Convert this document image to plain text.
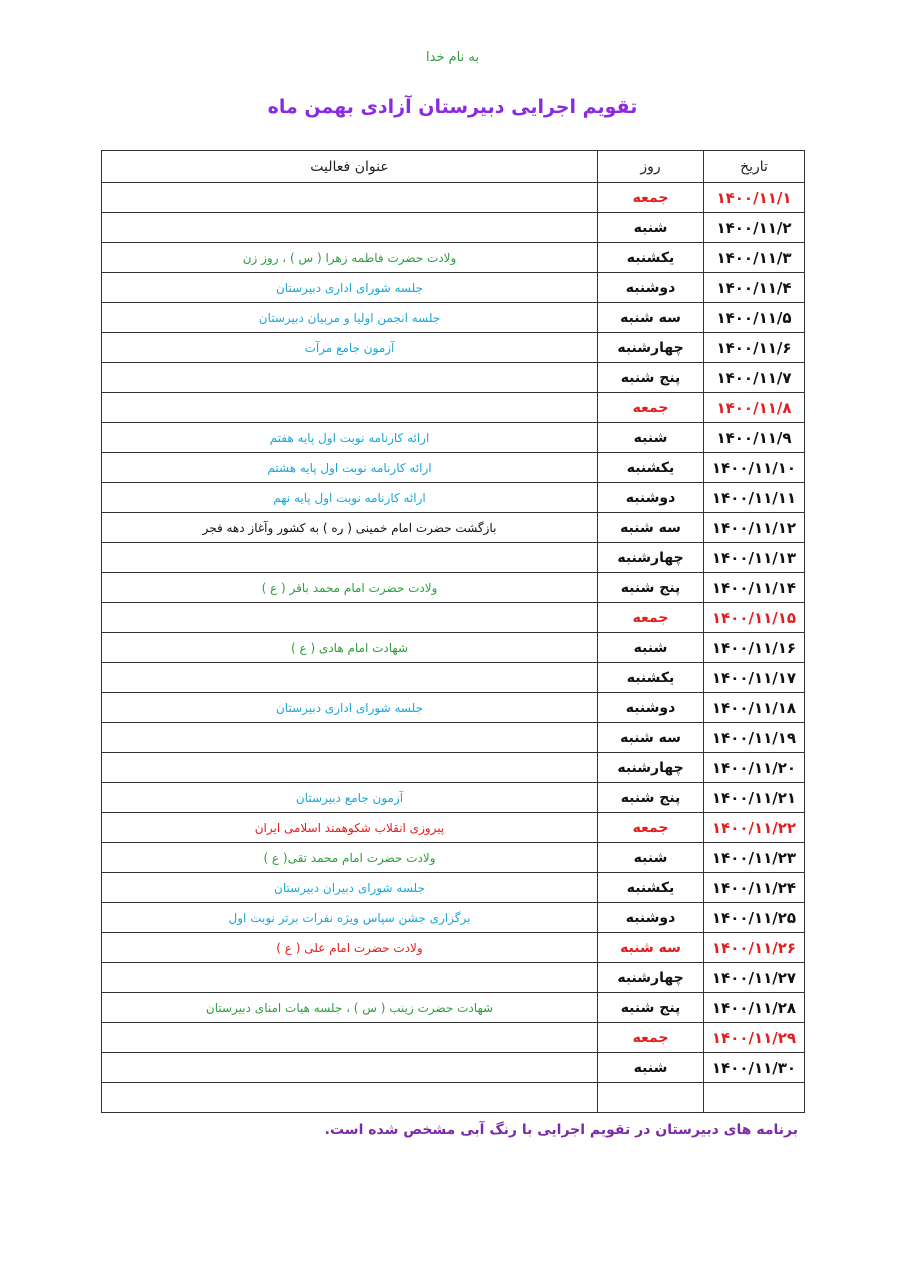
به نام خدا
تقویم اجرایی دبیرستان آزادی بهمن ماه
تاریخ	روز	عنوان فعالیت
۱۴۰۰/۱۱/۱	جمعه	
۱۴۰۰/۱۱/۲	شنبه	
۱۴۰۰/۱۱/۳	یکشنبه	ولادت حضرت فاطمه زهرا ( س ) ، روز زن
۱۴۰۰/۱۱/۴	دوشنبه	جلسه شورای اداری دبیرستان
۱۴۰۰/۱۱/۵	سه شنبه	جلسه انجمن اولیا و مربیان دبیرستان
۱۴۰۰/۱۱/۶	چهارشنبه	آزمون جامع مرآت
۱۴۰۰/۱۱/۷	پنج شنبه	
۱۴۰۰/۱۱/۸	جمعه	
۱۴۰۰/۱۱/۹	شنبه	ارائه کارنامه نوبت اول پایه هفتم
۱۴۰۰/۱۱/۱۰	یکشنبه	ارائه کارنامه نوبت اول پایه هشتم
۱۴۰۰/۱۱/۱۱	دوشنبه	ارائه کارنامه نوبت اول پایه نهم
۱۴۰۰/۱۱/۱۲	سه شنبه	بازگشت حضرت امام خمینی ( ره ) به کشور وآغاز دهه فجر
۱۴۰۰/۱۱/۱۳	چهارشنبه	
۱۴۰۰/۱۱/۱۴	پنج شنبه	ولادت حضرت امام محمد باقر ( ع )
۱۴۰۰/۱۱/۱۵	جمعه	
۱۴۰۰/۱۱/۱۶	شنبه	شهادت امام هادی ( ع )
۱۴۰۰/۱۱/۱۷	یکشنبه	
۱۴۰۰/۱۱/۱۸	دوشنبه	جلسه شورای اداری دبیرستان
۱۴۰۰/۱۱/۱۹	سه شنبه	
۱۴۰۰/۱۱/۲۰	چهارشنبه	
۱۴۰۰/۱۱/۲۱	پنج شنبه	آزمون جامع دبیرستان
۱۴۰۰/۱۱/۲۲	جمعه	پیروزی انقلاب شکوهمند اسلامی ایران
۱۴۰۰/۱۱/۲۳	شنبه	ولادت حضرت امام محمد تقی( ع )
۱۴۰۰/۱۱/۲۴	یکشنبه	جلسه شورای دبیران دبیرستان
۱۴۰۰/۱۱/۲۵	دوشنبه	برگزاری جشن سپاس ویژه نفرات برتر نوبت اول
۱۴۰۰/۱۱/۲۶	سه شنبه	ولادت حضرت امام علی ( ع )
۱۴۰۰/۱۱/۲۷	چهارشنبه	
۱۴۰۰/۱۱/۲۸	پنج شنبه	شهادت حضرت زینب ( س ) ، جلسه هیات امنای دبیرستان
۱۴۰۰/۱۱/۲۹	جمعه	
۱۴۰۰/۱۱/۳۰	شنبه	

برنامه های دبیرستان در تقویم اجرایی با رنگ آبی مشخص شده است.
